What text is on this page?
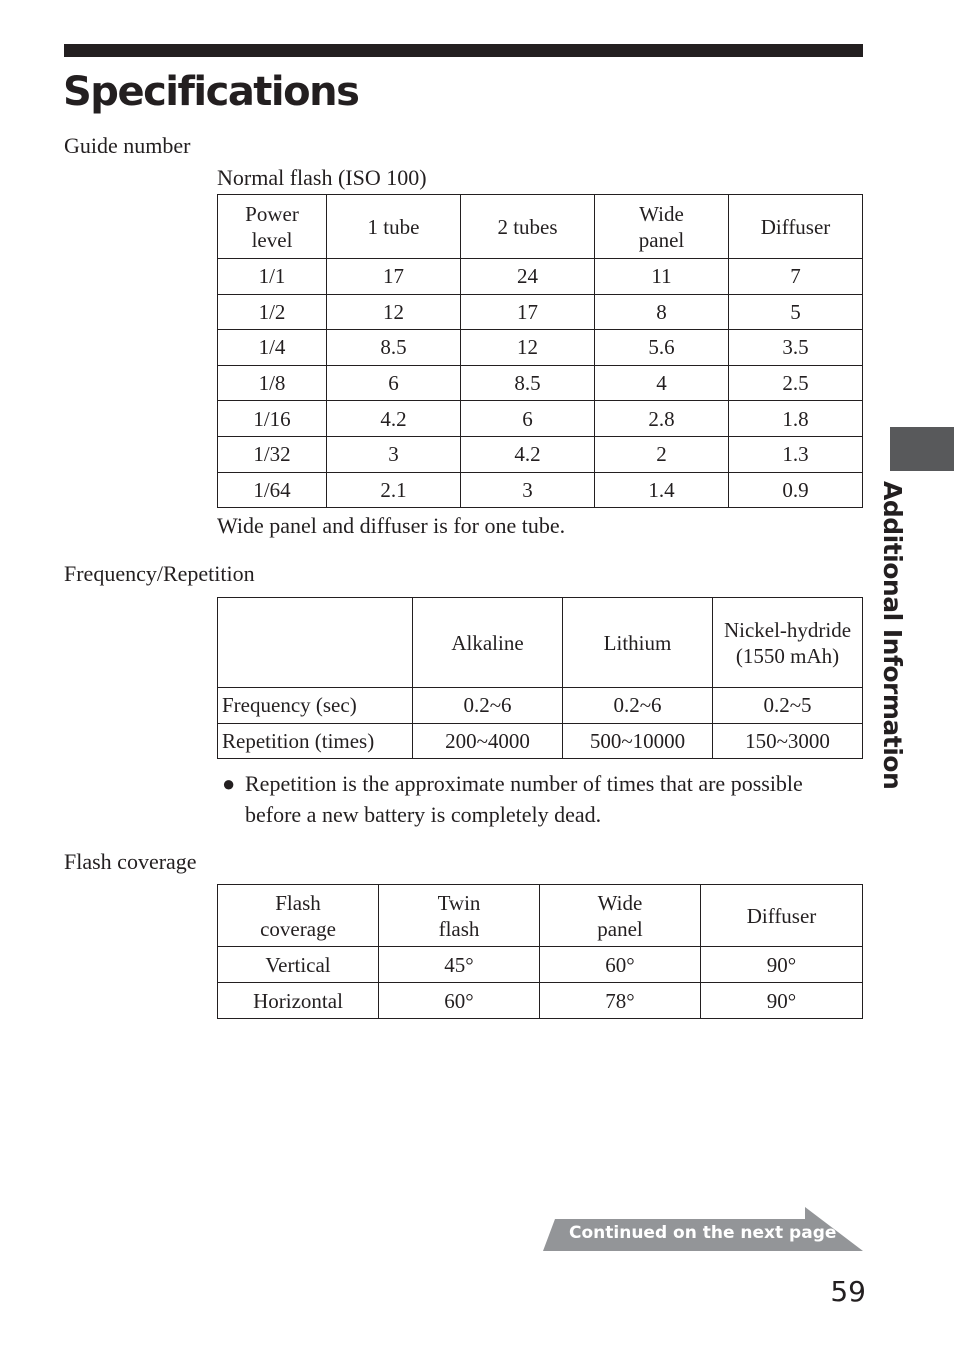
Specifications
Guide number
Normal flash (ISO 100)
Power level	1 tube	2 tubes	Wide panel	Diffuser
1/1	17	24	11	7
1/2	12	17	8	5
1/4	8.5	12	5.6	3.5
1/8	6	8.5	4	2.5
1/16	4.2	6	2.8	1.8
1/32	3	4.2	2	1.3
1/64	2.1	3	1.4	0.9
Wide panel and diffuser is for one tube.
Frequency/Repetition
	Alkaline	Lithium	Nickel-hydride (1550 mAh)
Frequency (sec)	0.2~6	0.2~6	0.2~5
Repetition (times)	200~4000	500~10000	150~3000
● Repetition is the approximate number of times that are possible before a new battery is completely dead.
Flash coverage
Flash coverage	Twin flash	Wide panel	Diffuser
Vertical	45°	60°	90°
Horizontal	60°	78°	90°
Additional Information
Continued on the next page
59
